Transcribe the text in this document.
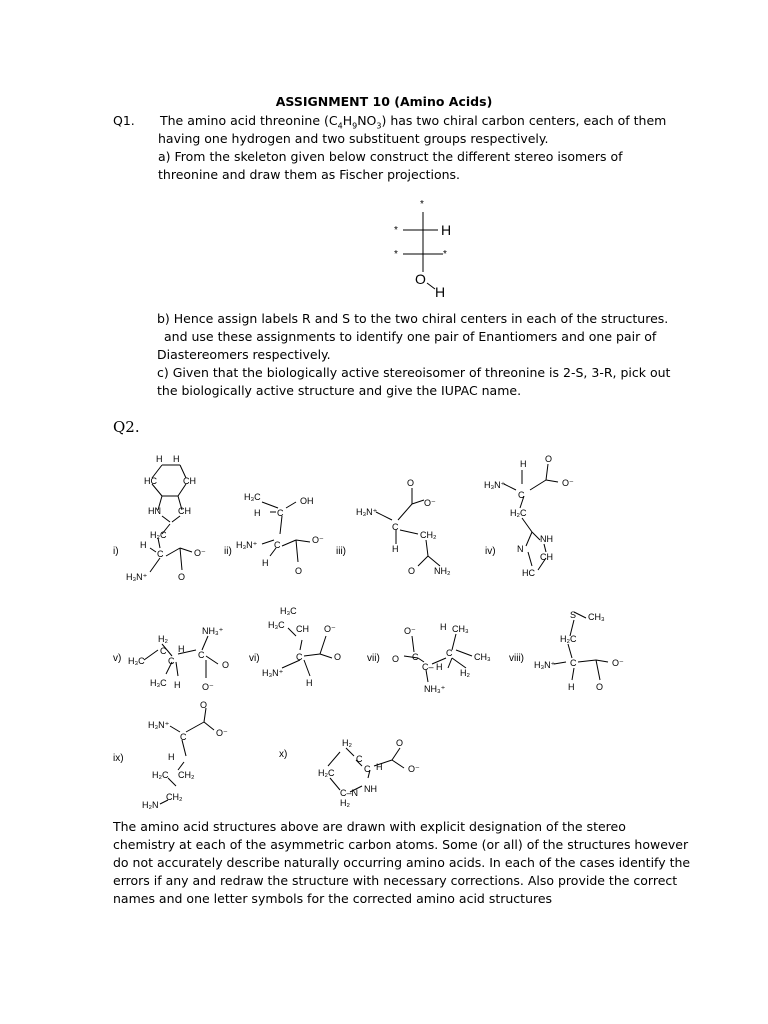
ASSIGNMENT 10 (Amino Acids)
Q1. The amino acid threonine $(C_4H_9NO_3)$ has two chiral carbon centers, each of them
having one hydrogen and two substituent groups respectively.
a) From the skeleton given below construct the different stereo isomers of
threonine and draw them as Fischer projections.
b) Hence assign labels R and S to the two chiral centers in each of the structures.
and use these assignments to identify one pair of Enantiomers and one pair of
Diastereomers respectively.
c) Given that the biologically active stereoisomer of threonine is 2-S, 3-R, pick out
the biologically active structure and give the IUPAC name.
Q2.
The amino acid structures above are drawn with explicit designation of the stereo
chemistry at each of the asymmetric carbon atoms. Some (or all) of the structures however
do not accurately describe naturally occurring amino acids. In each of the cases identify the
errors if any and redraw the structure with necessary corrections. Also provide the correct
names and one letter symbols for the corrected amino acid structures
*
*	H
*	*
O
H
i)	ii)	iii)	iv)
v)	vi)	vii)	viii)
ix)	x)
H H
HC	CH
HN CH
H₂C
H
C	O⁻
H₃N⁺	O
H₃C	OH
H C
H₃N⁺ C	O⁻
H
O
O
O⁻
H₃N⁺
C
CH₂
H
O NH₂
H O
H₃N⁺	O⁻
C
H₂C
NH
N
CH
HC
NH₃⁺
H₂
H₃C
C H
C
C
O
H₃C H O⁻
H₃C
H₃C CH O⁻
C	O
H₃N⁺
H
O⁻	H CH₃
O C	C CH₃
C– H
H₂
NH₃⁺
S CH₃
H₂C
H₃N⁺ C	O⁻
H O
O
H₃N⁺
O⁻
C
H
H₂C CH₂
CH₂
H₂N
H₂	O
C
C H	O⁻
H₂C
C–N NH
H₂
